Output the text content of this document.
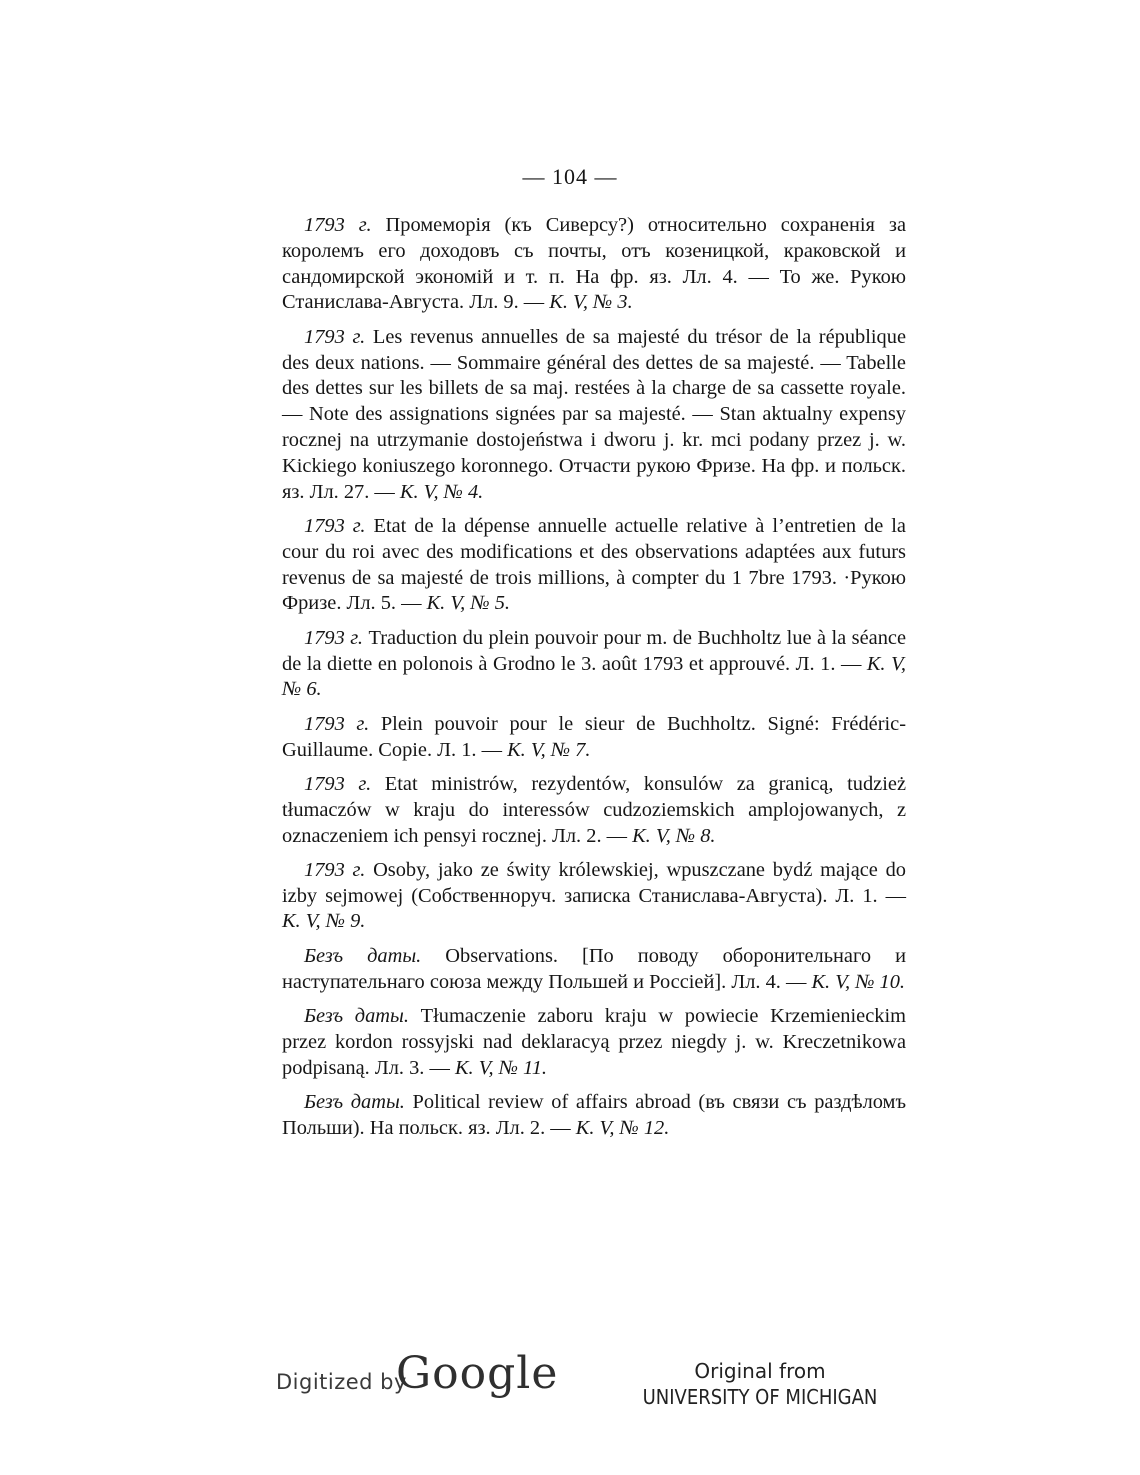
— 104 —

1793 г. Промеморія (къ Сиверсу?) относительно сохраненія за королемъ его доходовъ съ почты, отъ козеницкой, краковской и сандомирской экономій и т. п. На фр. яз. Лл. 4. — То же. Рукою Станислава-Августа. Лл. 9. — К. V, № 3.

1793 г. Les revenus annuelles de sa majesté du trésor de la république des deux nations. — Sommaire général des dettes de sa majesté. — Tabelle des dettes sur les billets de sa maj. restées à la charge de sa cassette royale. — Note des assignations signées par sa majesté. — Stan aktualny expensy rocznej na utrzymanie dostojeństwa i dworu j. kr. mci podany przez j. w. Kickiego koniuszego koronnego. Отчасти рукою Фризе. На фр. и польск. яз. Лл. 27. — К. V, № 4.

1793 г. Etat de la dépense annuelle actuelle relative à l’entretien de la cour du roi avec des modifications et des observations adaptées aux futurs revenus de sa majesté de trois millions, à compter du 1 7bre 1793. ·Рукою Фризе. Лл. 5. — К. V, № 5.

1793 г. Traduction du plein pouvoir pour m. de Buchholtz lue à la séance de la diette en polonois à Grodno le 3. août 1793 et approuvé. Л. 1. — К. V, № 6.

1793 г. Plein pouvoir pour le sieur de Buchholtz. Signé: Frédéric-Guillaume. Copie. Л. 1. — К. V, № 7.

1793 г. Etat ministrów, rezydentów, konsulów za granicą, tudzież tłumaczów w kraju do interessów cudzoziemskich amplojowanych, z oznaczeniem ich pensyi rocznej. Лл. 2. — К. V, № 8.

1793 г. Osoby, jako ze świty królewskiej, wpuszczane bydź mające do izby sejmowej (Собственноруч. записка Станислава-Августа). Л. 1. — К. V, № 9.

Безъ даты. Observations. [По поводу оборонительнаго и наступательнаго союза между Польшей и Россіей]. Лл. 4. — К. V, № 10.

Безъ даты. Tłumaczenie zaboru kraju w powiecie Krzemienieckim przez kordon rossyjski nad deklaracyą przez niegdy j. w. Kreczetnikowa podpisaną. Лл. 3. — К. V, № 11.

Безъ даты. Political review of affairs abroad (въ связи съ раздѣломъ Польши). На польск. яз. Лл. 2. — К. V, № 12.

Digitized by
Google	Original from
UNIVERSITY OF MICHIGAN
